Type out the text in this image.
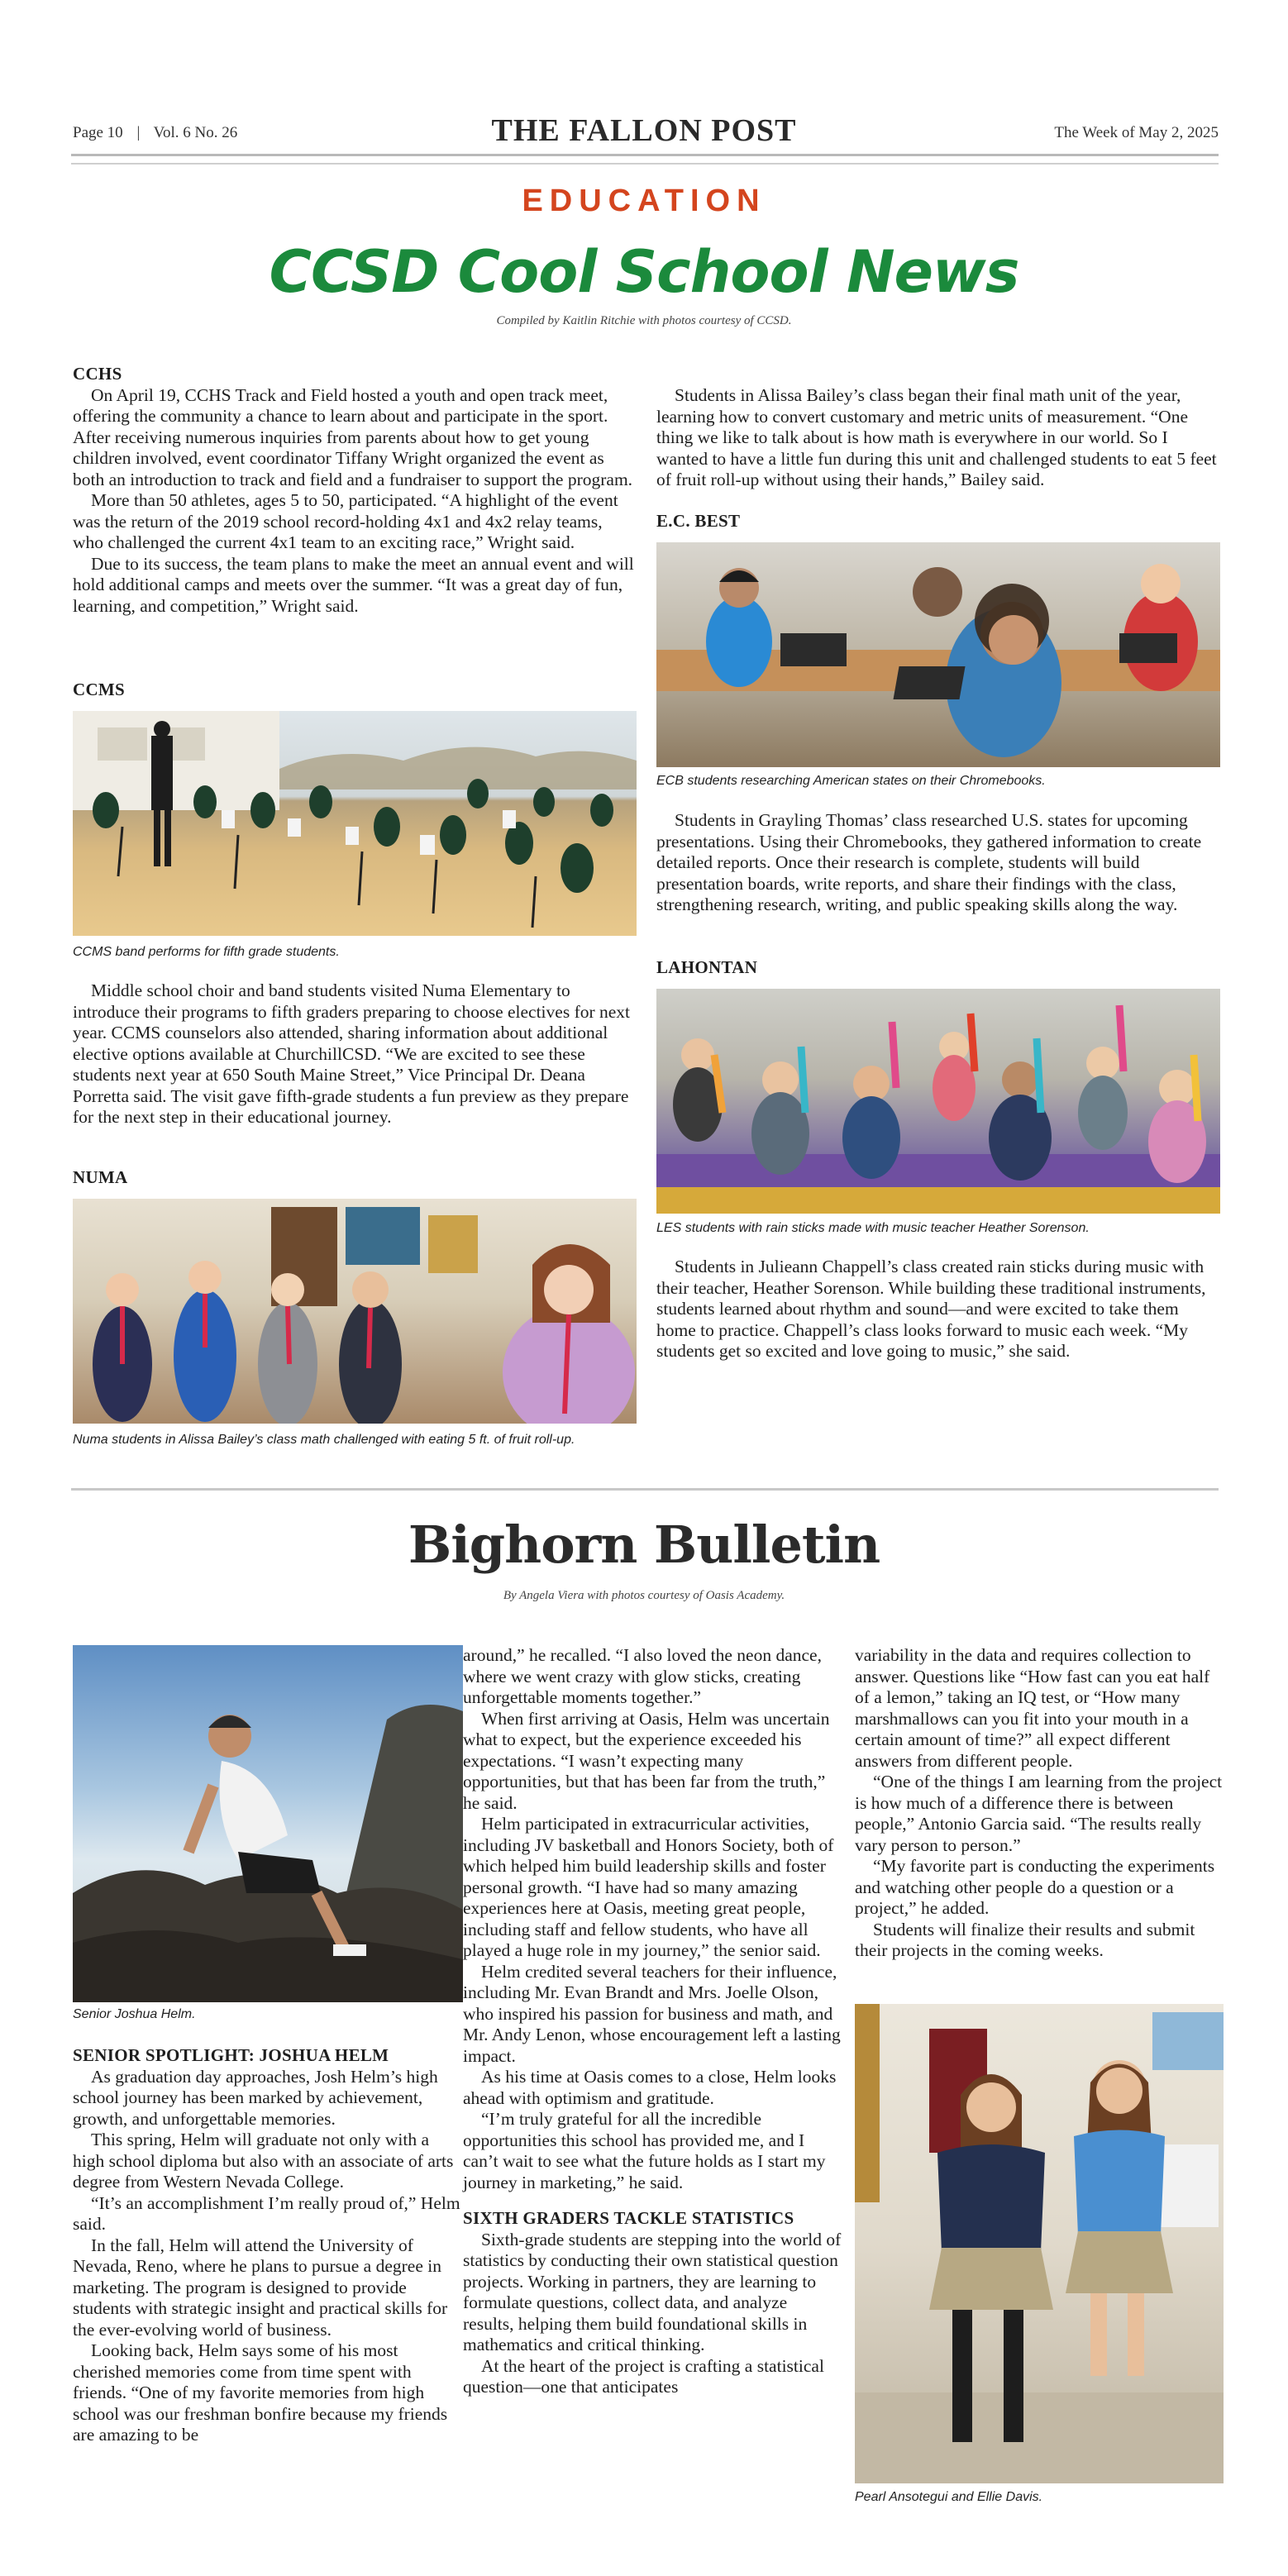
Page 10 | Vol. 6 No. 26	THE FALLON POST	The Week of May 2, 2025
EDUCATION
CCSD Cool School News
Compiled by Kaitlin Ritchie with photos courtesy of CCSD.
CCHS

On April 19, CCHS Track and Field hosted a youth and open track meet, offering the community a chance to learn about and participate in the sport. After receiving numerous inquiries from parents about how to get young children involved, event coordinator Tiffany Wright organized the event as both an introduction to track and field and a fundraiser to support the program.

More than 50 athletes, ages 5 to 50, participated. “A highlight of the event was the return of the 2019 school record-holding 4x1 and 4x2 relay teams, who challenged the current 4x1 team to an exciting race,” Wright said.

Due to its success, the team plans to make the meet an annual event and will hold additional camps and meets over the summer. “It was a great day of fun, learning, and competition,” Wright said.

CCMS
CCMS band performs for fifth grade students.

Middle school choir and band students visited Numa Elementary to introduce their programs to fifth graders preparing to choose electives for next year. CCMS counselors also attended, sharing information about additional elective options available at ChurchillCSD. “We are excited to see these students next year at 650 South Maine Street,” Vice Principal Dr. Deana Porretta said. The visit gave fifth-grade students a fun preview as they prepare for the next step in their educational journey.

NUMA
Numa students in Alissa Bailey’s class math challenged with eating 5 ft. of fruit roll-up.

Students in Alissa Bailey’s class began their final math unit of the year, learning how to convert customary and metric units of measurement. “One thing we like to talk about is how math is everywhere in our world. So I wanted to have a little fun during this unit and challenged students to eat 5 feet of fruit roll-up without using their hands,” Bailey said.

E.C. BEST
ECB students researching American states on their Chromebooks.

Students in Grayling Thomas’ class researched U.S. states for upcoming presentations. Using their Chromebooks, they gathered information to create detailed reports. Once their research is complete, students will build presentation boards, write reports, and share their findings with the class, strengthening research, writing, and public speaking skills along the way.

LAHONTAN
LES students with rain sticks made with music teacher Heather Sorenson.

Students in Julieann Chappell’s class created rain sticks during music with their teacher, Heather Sorenson. While building these traditional instruments, students learned about rhythm and sound—and were excited to take them home to practice. Chappell’s class looks forward to music each week. “My students get so excited and love going to music,” she said.

Bighorn Bulletin
By Angela Viera with photos courtesy of Oasis Academy.
Senior Joshua Helm.
SENIOR SPOTLIGHT: JOSHUA HELM

As graduation day approaches, Josh Helm’s high school journey has been marked by achievement, growth, and unforgettable memories.

This spring, Helm will graduate not only with a high school diploma but also with an associate of arts degree from Western Nevada College.

“It’s an accomplishment I’m really proud of,” Helm said.

In the fall, Helm will attend the University of Nevada, Reno, where he plans to pursue a degree in marketing. The program is designed to provide students with strategic insight and practical skills for the ever-evolving world of business.

Looking back, Helm says some of his most cherished memories come from time spent with friends. “One of my favorite memories from high school was our freshman bonfire because my friends are amazing to be

around,” he recalled. “I also loved the neon dance, where we went crazy with glow sticks, creating unforgettable moments together.”

When first arriving at Oasis, Helm was uncertain what to expect, but the experience exceeded his expectations. “I wasn’t expecting many opportunities, but that has been far from the truth,” he said.

Helm participated in extracurricular activities, including JV basketball and Honors Society, both of which helped him build leadership skills and foster personal growth. “I have had so many amazing experiences here at Oasis, meeting great people, including staff and fellow students, who have all played a huge role in my journey,” the senior said.

Helm credited several teachers for their influence, including Mr. Evan Brandt and Mrs. Joelle Olson, who inspired his passion for business and math, and Mr. Andy Lenon, whose encouragement left a lasting impact.

As his time at Oasis comes to a close, Helm looks ahead with optimism and gratitude.

“I’m truly grateful for all the incredible opportunities this school has provided me, and I can’t wait to see what the future holds as I start my journey in marketing,” he said.

SIXTH GRADERS TACKLE STATISTICS

Sixth-grade students are stepping into the world of statistics by conducting their own statistical question projects. Working in partners, they are learning to formulate questions, collect data, and analyze results, helping them build foundational skills in mathematics and critical thinking.

At the heart of the project is crafting a statistical question—one that anticipates

variability in the data and requires collection to answer. Questions like “How fast can you eat half of a lemon,” taking an IQ test, or “How many marshmallows can you fit into your mouth in a certain amount of time?” all expect different answers from different people.

“One of the things I am learning from the project is how much of a difference there is between people,” Antonio Garcia said. “The results really vary person to person.”

“My favorite part is conducting the experiments and watching other people do a question or a project,” he added.

Students will finalize their results and submit their projects in the coming weeks.

Pearl Ansotegui and Ellie Davis.
